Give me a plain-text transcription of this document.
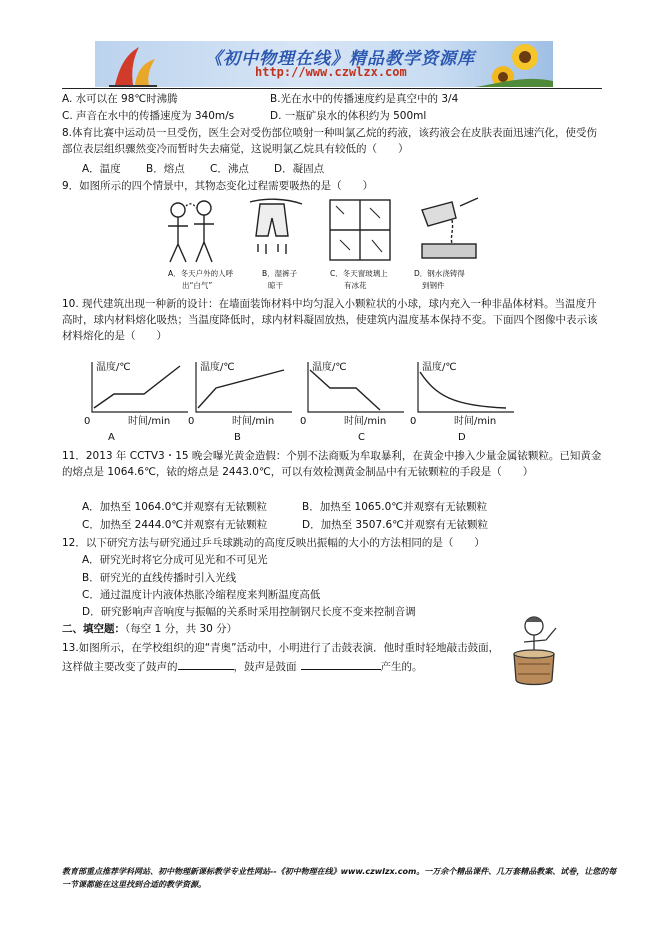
《初中物理在线》精品教学资源库
http://www.czwlzx.com
A. 水可以在 98℃时沸腾	B.光在水中的传播速度约是真空中的 3/4
C. 声音在水中的传播速度为 340m/s	D. 一瓶矿泉水的体积约为 500ml
8.体育比赛中运动员一旦受伤，医生会对受伤部位喷射一种叫氯乙烷的药液，该药液会在皮肤表面迅速汽化，使受伤部位表层组织骤然变冷而暂时失去痛觉，这说明氯乙烷具有较低的（　　）
A．温度 B．熔点 C．沸点 D．凝固点
9．如图所示的四个情景中，其物态变化过程需要吸热的是（　　）
A．冬天户外的人呼
出“白气”
B．湿裤子
晾干
C．冬天窗玻璃上
有冰花
D．钢水浇铸得
到钢件
10. 现代建筑出现一种新的设计：在墙面装饰材料中均匀混入小颗粒状的小球，球内充入一种非晶体材料。当温度升高时，球内材料熔化吸热；当温度降低时，球内材料凝固放热，使建筑内温度基本保持不变。下面四个图像中表示该材料熔化的是（　　）
温度/℃
时间/min
0
A
温度/℃
时间/min
0
B
温度/℃
时间/min
0
C
温度/℃
时间/min
0
D
11．2013 年 CCTV3・15 晚会曝光黄金造假：个别不法商贩为牟取暴利，在黄金中掺入少量金属铱颗粒。已知黄金的熔点是 1064.6℃，铱的熔点是 2443.0℃，可以有效检测黄金制品中有无铱颗粒的手段是（　　）
A．加热至 1064.0℃并观察有无铱颗粒	B．加热至 1065.0℃并观察有无铱颗粒
C．加热至 2444.0℃并观察有无铱颗粒	D．加热至 3507.6℃并观察有无铱颗粒
12．以下研究方法与研究通过乒乓球跳动的高度反映出振幅的大小的方法相同的是（　　）
A．研究光时将它分成可见光和不可见光
B．研究光的直线传播时引入光线
C．通过温度计内液体热胀冷缩程度来判断温度高低
D．研究影响声音响度与振幅的关系时采用控制钢尺长度不变来控制音调
二、填空题：（每空 1 分，共 30 分）
13.如图所示，在学校组织的迎“青奥”活动中，小明进行了击鼓表演．他时重时轻地敲击鼓面，这样做主要改变了鼓声的	，鼓声是鼓面	产生的。
教育部重点推荐学科网站、初中物理新课标教学专业性网站--《初中物理在线》www.czwlzx.com。一万余个精品课件、几万套精品教案、试卷，让您的每一节课都能在这里找到合适的教学资源。
